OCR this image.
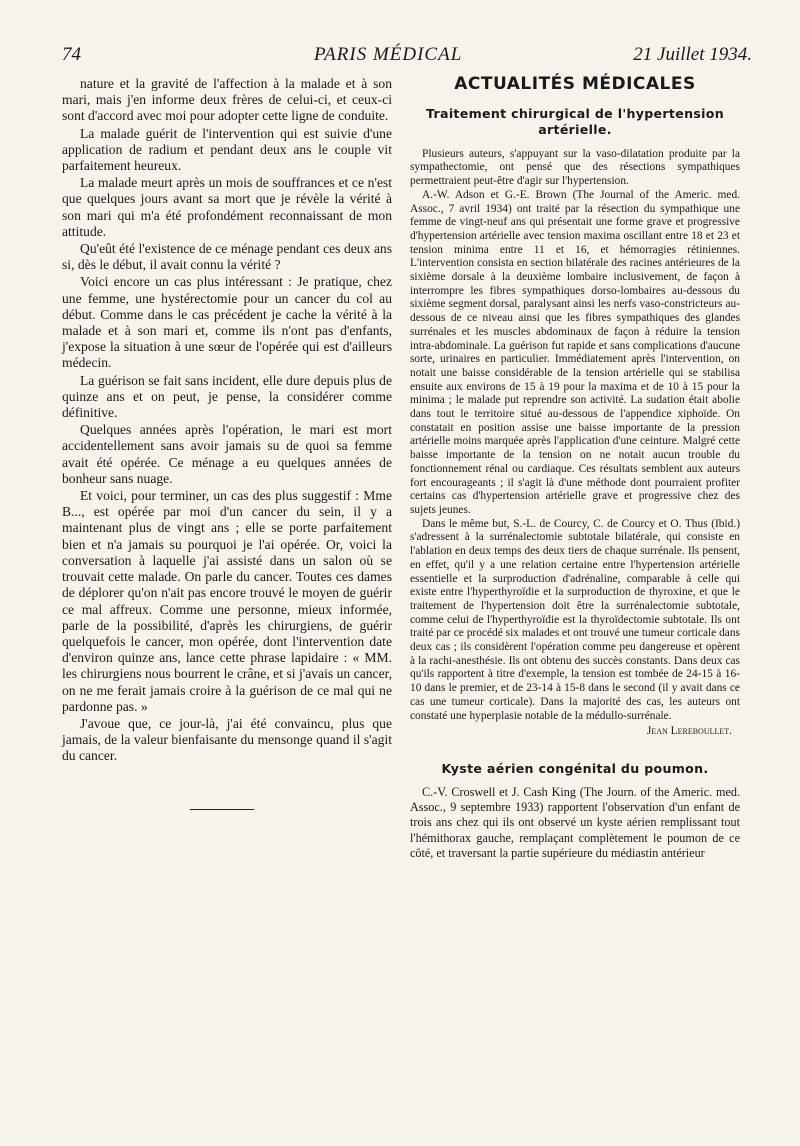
74	PARIS MÉDICAL	21 Juillet 1934.

nature et la gravité de l'affection à la malade et à son mari, mais j'en informe deux frères de celui-ci, et ceux-ci sont d'accord avec moi pour adopter cette ligne de conduite.

La malade guérit de l'intervention qui est suivie d'une application de radium et pendant deux ans le couple vit parfaitement heureux.

La malade meurt après un mois de souffrances et ce n'est que quelques jours avant sa mort que je révèle la vérité à son mari qui m'a été profondément reconnaissant de mon attitude.

Qu'eût été l'existence de ce ménage pendant ces deux ans si, dès le début, il avait connu la vérité ?

Voici encore un cas plus intéressant : Je pratique, chez une femme, une hystérectomie pour un cancer du col au début. Comme dans le cas précédent je cache la vérité à la malade et à son mari et, comme ils n'ont pas d'enfants, j'expose la situation à une sœur de l'opérée qui est d'ailleurs médecin.

La guérison se fait sans incident, elle dure depuis plus de quinze ans et on peut, je pense, la considérer comme définitive.

Quelques années après l'opération, le mari est mort accidentellement sans avoir jamais su de quoi sa femme avait été opérée. Ce ménage a eu quelques années de bonheur sans nuage.

Et voici, pour terminer, un cas des plus suggestif : Mme B..., est opérée par moi d'un cancer du sein, il y a maintenant plus de vingt ans ; elle se porte parfaitement bien et n'a jamais su pourquoi je l'ai opérée. Or, voici la conversation à laquelle j'ai assisté dans un salon où se trouvait cette malade. On parle du cancer. Toutes ces dames de déplorer qu'on n'ait pas encore trouvé le moyen de guérir ce mal affreux. Comme une personne, mieux informée, parle de la possibilité, d'après les chirurgiens, de guérir quelquefois le cancer, mon opérée, dont l'intervention date d'environ quinze ans, lance cette phrase lapidaire : « MM. les chirurgiens nous bourrent le crâne, et si j'avais un cancer, on ne me ferait jamais croire à la guérison de ce mal qui ne pardonne pas. »

J'avoue que, ce jour-là, j'ai été convaincu, plus que jamais, de la valeur bienfaisante du mensonge quand il s'agit du cancer.

ACTUALITÉS MÉDICALES
Traitement chirurgical de l'hypertension artérielle.

Plusieurs auteurs, s'appuyant sur la vaso-dilatation produite par la sympathectomie, ont pensé que des résections sympathiques permettraient peut-être d'agir sur l'hypertension.

A.-W. Adson et G.-E. Brown (The Journal of the Americ. med. Assoc., 7 avril 1934) ont traité par la résection du sympathique une femme de vingt-neuf ans qui présentait une forme grave et progressive d'hypertension artérielle avec tension maxima oscillant entre 18 et 23 et tension minima entre 11 et 16, et hémorragies rétiniennes. L'intervention consista en section bilatérale des racines antérieures de la sixième dorsale à la deuxième lombaire inclusivement, de façon à interrompre les fibres sympathiques dorso-lombaires au-dessous du sixième segment dorsal, paralysant ainsi les nerfs vaso-constricteurs au-dessous de ce niveau ainsi que les fibres sympathiques des glandes surrénales et les muscles abdominaux de façon à réduire la tension intra-abdominale. La guérison fut rapide et sans complications d'aucune sorte, urinaires en particulier. Immédiatement après l'intervention, on notait une baisse considérable de la tension artérielle qui se stabilisa ensuite aux environs de 15 à 19 pour la maxima et de 10 à 15 pour la minima ; le malade put reprendre son activité. La sudation était abolie dans tout le territoire situé au-dessous de l'appendice xiphoïde. On constatait en position assise une baisse importante de la pression artérielle moins marquée après l'application d'une ceinture. Malgré cette baisse importante de la tension on ne notait aucun trouble du fonctionnement rénal ou cardiaque. Ces résultats semblent aux auteurs fort encourageants ; il s'agit là d'une méthode dont pourraient profiter certains cas d'hypertension artérielle grave et progressive chez des sujets jeunes.

Dans le même but, S.-L. de Courcy, C. de Courcy et O. Thus (Ibid.) s'adressent à la surrénalectomie subtotale bilatérale, qui consiste en l'ablation en deux temps des deux tiers de chaque surrénale. Ils pensent, en effet, qu'il y a une relation certaine entre l'hypertension artérielle essentielle et la surproduction d'adrénaline, comparable à celle qui existe entre l'hyperthyroïdie et la surproduction de thyroxine, et que le traitement de l'hypertension doit être la surrénalectomie subtotale, comme celui de l'hyperthyroïdie est la thyroïdectomie subtotale. Ils ont traité par ce procédé six malades et ont trouvé une tumeur corticale dans deux cas ; ils considèrent l'opération comme peu dangereuse et opèrent à la rachi-anesthésie. Ils ont obtenu des succès constants. Dans deux cas qu'ils rapportent à titre d'exemple, la tension est tombée de 24-15 à 16-10 dans le premier, et de 23-14 à 15-8 dans le second (il y avait dans ce cas une tumeur corticale). Dans la majorité des cas, les auteurs ont constaté une hyperplasie notable de la médullo-surrénale.

Jean Lereboullet.
Kyste aérien congénital du poumon.

C.-V. Croswell et J. Cash King (The Journ. of the Americ. med. Assoc., 9 septembre 1933) rapportent l'observation d'un enfant de trois ans chez qui ils ont observé un kyste aérien remplissant tout l'hémithorax gauche, remplaçant complètement le poumon de ce côté, et traversant la partie supérieure du médiastin antérieur
